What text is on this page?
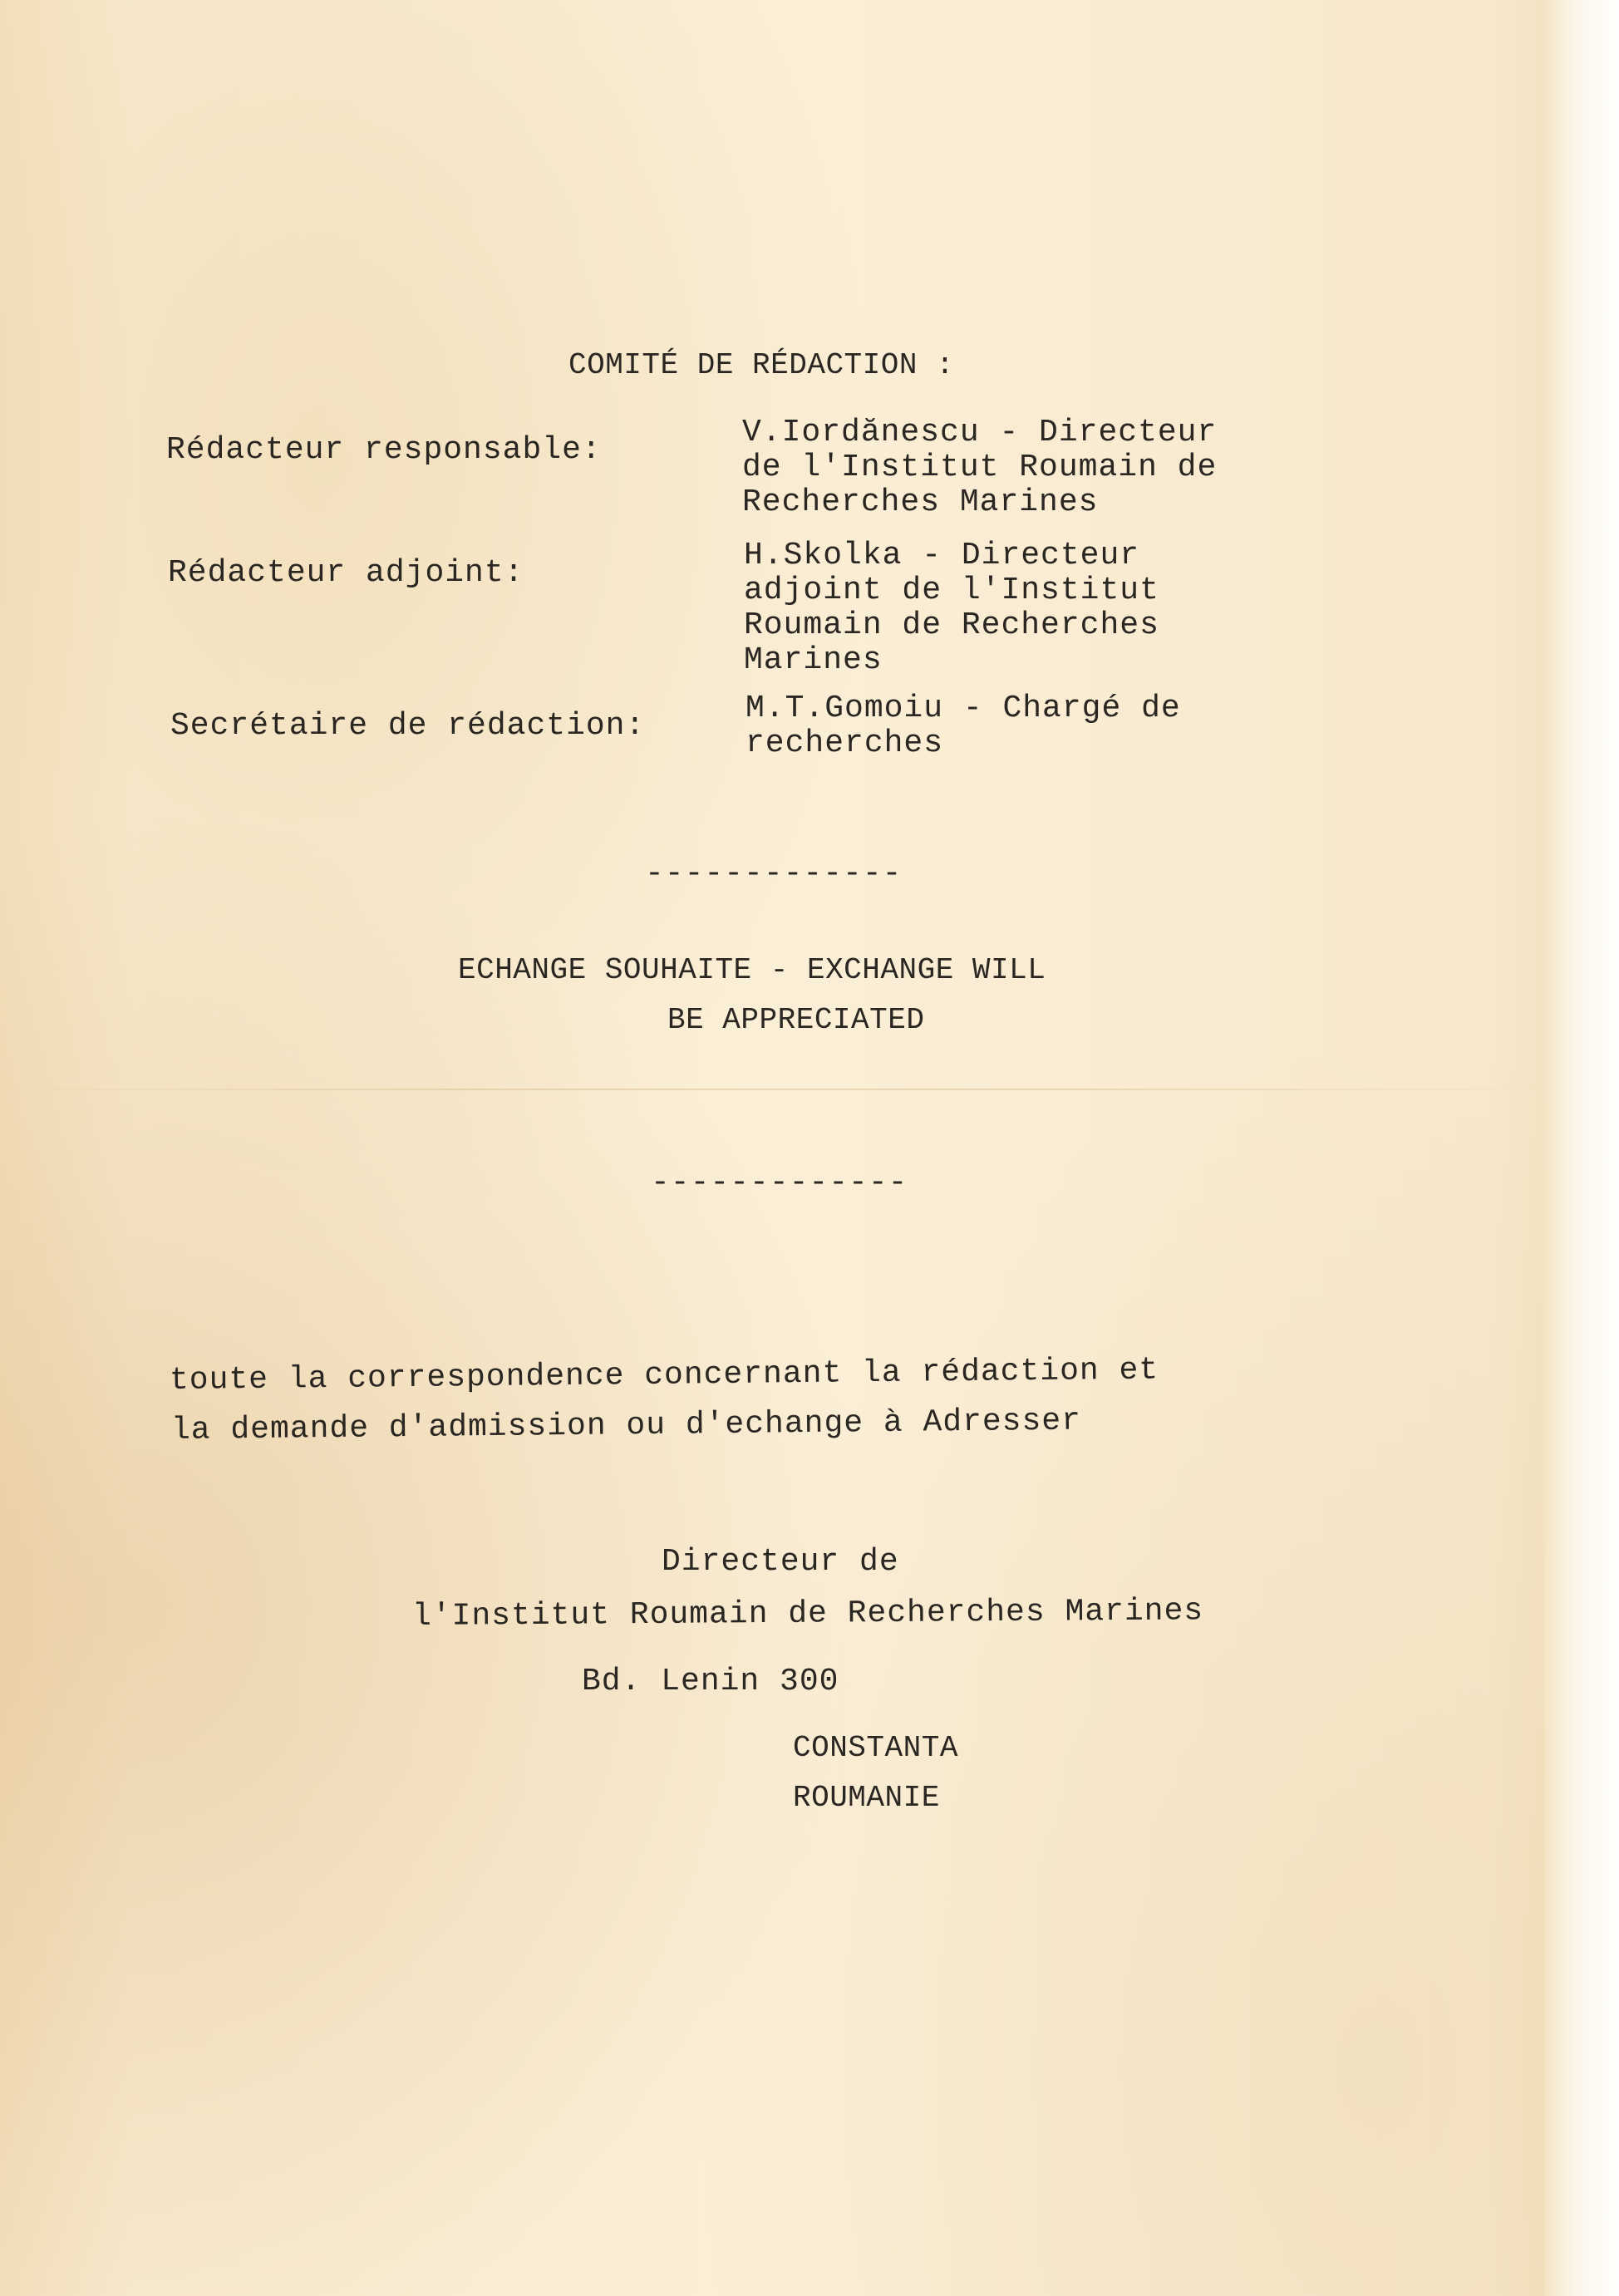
COMITÉ DE RÉDACTION :
Rédacteur responsable:	V.Iordănescu - Directeur
de l'Institut Roumain de
Recherches Marines
Rédacteur adjoint:	H.Skolka - Directeur
adjoint de l'Institut
Roumain de Recherches
Marines
Secrétaire de rédaction:	M.T.Gomoiu - Chargé de
recherches
-------------
ECHANGE SOUHAITE - EXCHANGE WILL
BE APPRECIATED
-------------
toute la correspondence concernant la rédaction et
la demande d'admission ou d'echange à Adresser
Directeur de
l'Institut Roumain de Recherches Marines
Bd. Lenin 300
CONSTANTA
ROUMANIE
